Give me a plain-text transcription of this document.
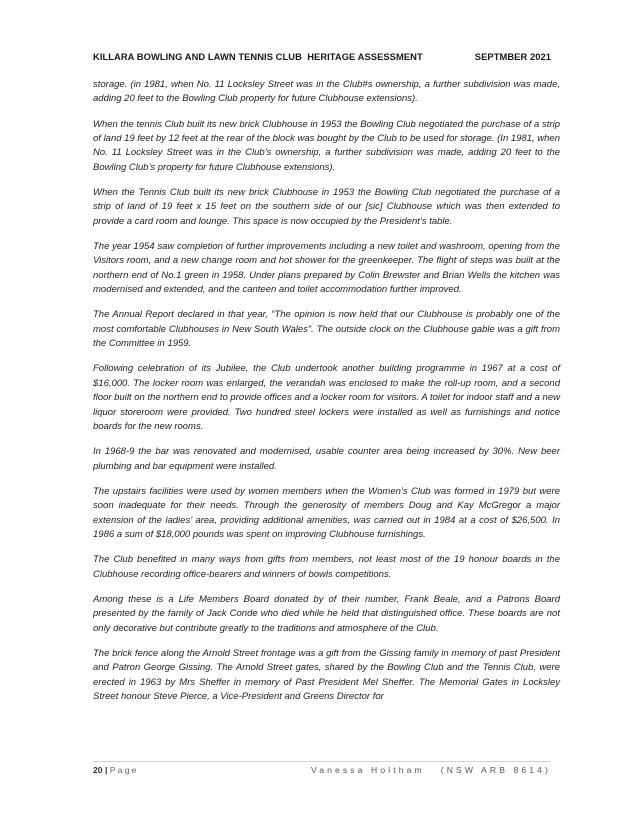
KILLARA BOWLING AND LAWN TENNIS CLUB  HERITAGE ASSESSMENT	SEPTMBER 2021

storage. (in 1981, when No. 11 Locksley Street was in the Club#s ownership, a further subdivision was made, adding 20 feet to the Bowling Club property for future Clubhouse extensions).

When the tennis Club built its new brick Clubhouse in 1953 the Bowling Club negotiated the purchase of a strip of land 19 feet by 12 feet at the rear of the block was bought by the Club to be used for storage. (In 1981, when No. 11 Locksley Street was in the Club’s ownership, a further subdivision was made, adding 20 feet to the Bowling Club’s property for future Clubhouse extensions).

When the Tennis Club built its new brick Clubhouse in 1953 the Bowling Club negotiated the purchase of a strip of land of 19 feet x 15 feet on the southern side of our [sic] Clubhouse which was then extended to provide a card room and lounge. This space is now occupied by the President’s table.

The year 1954 saw completion of further improvements including a new toilet and washroom, opening from the Visitors room, and a new change room and hot shower for the greenkeeper. The flight of steps was built at the northern end of No.1 green in 1958. Under plans prepared by Colin Brewster and Brian Wells the kitchen was modernised and extended, and the canteen and toilet accommodation further improved.

The Annual Report declared in that year, “The opinion is now held that our Clubhouse is probably one of the most comfortable Clubhouses in New South Wales”. The outside clock on the Clubhouse gable was a gift from the Committee in 1959.

Following celebration of its Jubilee, the Club undertook another building programme in 1967 at a cost of $16,000. The locker room was enlarged, the verandah was enclosed to make the roll-up room, and a second floor built on the northern end to provide offices and a locker room for visitors. A toilet for indoor staff and a new liquor storeroom were provided. Two hundred steel lockers were installed as well as furnishings and notice boards for the new rooms.

In 1968-9 the bar was renovated and modernised, usable counter area being increased by 30%. New beer plumbing and bar equipment were installed.

The upstairs facilities were used by women members when the Women’s Club was formed in 1979 but were soon inadequate for their needs. Through the generosity of members Doug and Kay McGregor a major extension of the ladies’ area, providing additional amenities, was carried out in 1984 at a cost of $26,500. In 1986 a sum of $18,000 pounds was spent on improving Clubhouse furnishings.

The Club benefited in many ways from gifts from members, not least most of the 19 honour boards in the Clubhouse recording office-bearers and winners of bowls competitions.

Among these is a Life Members Board donated by of their number, Frank Beale, and a Patrons Board presented by the family of Jack Conde who died while he held that distinguished office. These boards are not only decorative but contribute greatly to the traditions and atmosphere of the Club.

The brick fence along the Arnold Street frontage was a gift from the Gissing family in memory of past President and Patron George Gissing. The Arnold Street gates, shared by the Bowling Club and the Tennis Club, were erected in 1963 by Mrs Sheffer in memory of Past President Mel Sheffer. The Memorial Gates in Locksley Street honour Steve Pierce, a Vice-President and Greens Director for

20 | Page	Vanessa Holtham (NSW ARB 8614)
